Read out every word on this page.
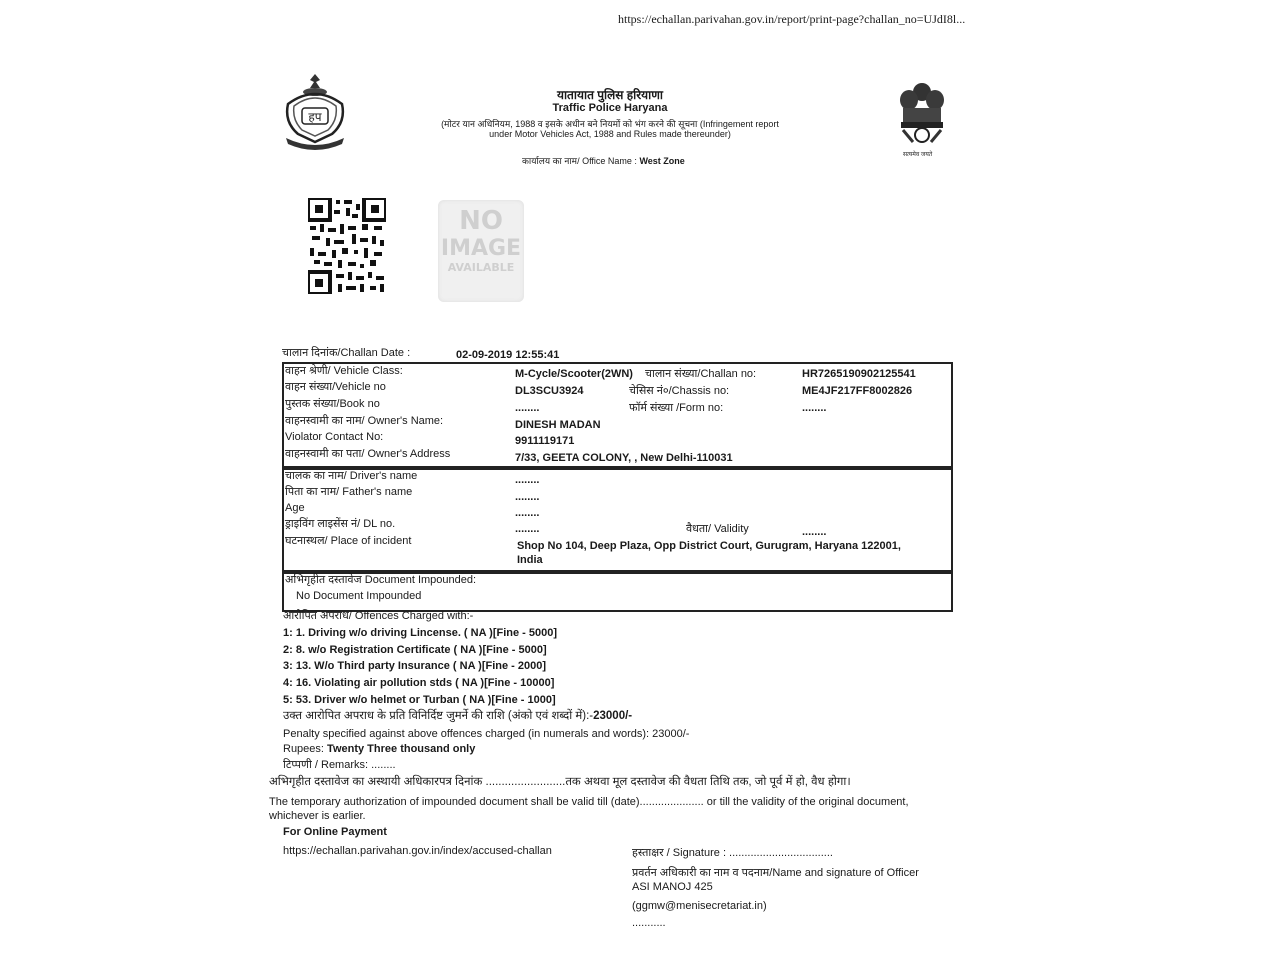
https://echallan.parivahan.gov.in/report/print-page?challan_no=UJdI8l...
हप
सत्यमेव जयते
यातायात पुलिस हरियाणा
Traffic Police Haryana
(मोटर यान अधिनियम, 1988 व इसके अधीन बने नियमों को भंग करने की सूचना (Infringement report
under Motor Vehicles Act, 1988 and Rules made thereunder)
कार्यालय का नाम/ Office Name : West Zone
NO
IMAGE
AVAILABLE
चालान दिनांक/Challan Date :	02-09-2019 12:55:41
वाहन श्रेणी/ Vehicle Class:	M-Cycle/Scooter(2WN) चालान संख्या/Challan no:	HR7265190902125541
वाहन संख्या/Vehicle no	DL3SCU3924	चेसिस नं०/Chassis no:	ME4JF217FF8002826
पुस्तक संख्या/Book no	........	फॉर्म संख्या /Form no:	........
वाहनस्वामी का नाम/ Owner's Name:	DINESH MADAN
Violator Contact No:	9911119171
वाहनस्वामी का पता/ Owner's Address	7/33, GEETA COLONY, , New Delhi-110031
चालक का नाम/ Driver's name	........
पिता का नाम/ Father's name	........
Age	........
ड्राइविंग लाइसेंस नं/ DL no.	........	वैधता/ Validity	........
घटनास्थल/ Place of incident	Shop No 104, Deep Plaza, Opp District Court, Gurugram, Haryana 122001,
India
अभिगृहीत दस्तावेज Document Impounded:
No Document Impounded
आरोपित अपराध/ Offences Charged with:-
1: 1. Driving w/o driving Lincense. ( NA )[Fine - 5000]
2: 8. w/o Registration Certificate ( NA )[Fine - 5000]
3: 13. W/o Third party Insurance ( NA )[Fine - 2000]
4: 16. Violating air pollution stds ( NA )[Fine - 10000]
5: 53. Driver w/o helmet or Turban ( NA )[Fine - 1000]
उक्त आरोपित अपराध के प्रति विनिर्दिष्ट जुमर्ने की राशि (अंको एवं शब्दों में):-23000/-
Penalty specified against above offences charged (in numerals and words): 23000/-
Rupees: Twenty Three thousand only
टिप्पणी / Remarks: ........
अभिगृहीत दस्तावेज का अस्थायी अधिकारपत्र दिनांक .........................तक अथवा मूल दस्तावेज की वैधता तिथि तक, जो पूर्व में हो, वैध होगा।
The temporary authorization of impounded document shall be valid till (date)..................... or till the validity of the original document,
whichever is earlier.
For Online Payment
https://echallan.parivahan.gov.in/index/accused-challan	हस्ताक्षर / Signature : ..................................
प्रवर्तन अधिकारी का नाम व पदनाम/Name and signature of Officer
ASI MANOJ 425
(ggmw@menisecretariat.in)
...........
